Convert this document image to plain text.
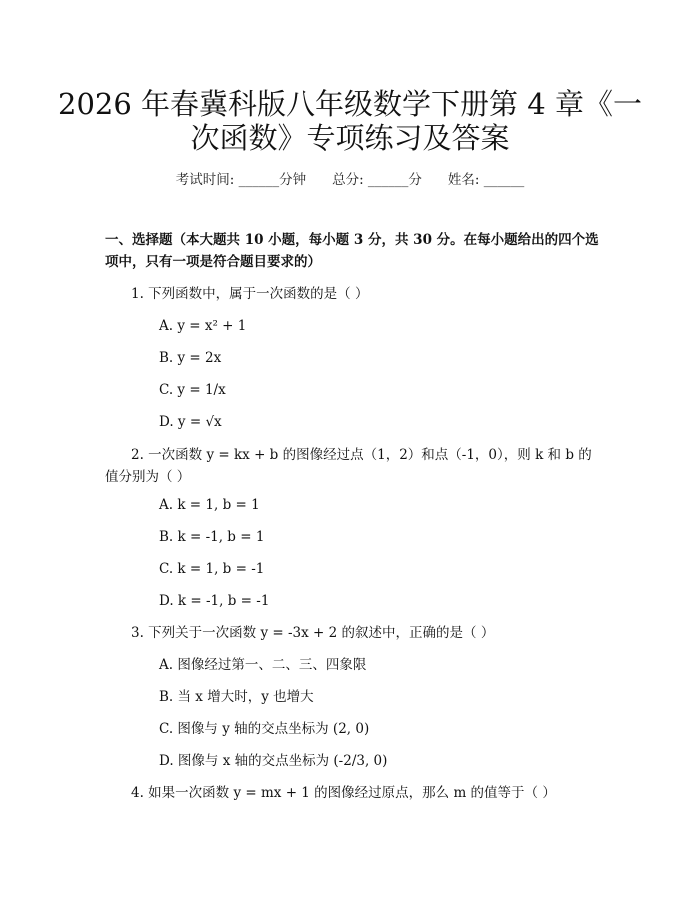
2026 年春冀科版八年级数学下册第 4 章《一
次函数》专项练习及答案
考试时间: ______分钟 总分: ______分 姓名: ______
一、选择题（本大题共 10 小题，每小题 3 分，共 30 分。在每小题给出的四个选项中，只有一项是符合题目要求的）
1. 下列函数中，属于一次函数的是（ ）
A. y = x² + 1
B. y = 2x
C. y = 1/x
D. y = √x
2. 一次函数 y = kx + b 的图像经过点（1，2）和点（-1，0），则 k 和 b 的值分别为（ ）
A. k = 1, b = 1
B. k = -1, b = 1
C. k = 1, b = -1
D. k = -1, b = -1
3. 下列关于一次函数 y = -3x + 2 的叙述中，正确的是（ ）
A. 图像经过第一、二、三、四象限
B. 当 x 增大时，y 也增大
C. 图像与 y 轴的交点坐标为 (2, 0)
D. 图像与 x 轴的交点坐标为 (-2/3, 0)
4. 如果一次函数 y = mx + 1 的图像经过原点，那么 m 的值等于（ ）
